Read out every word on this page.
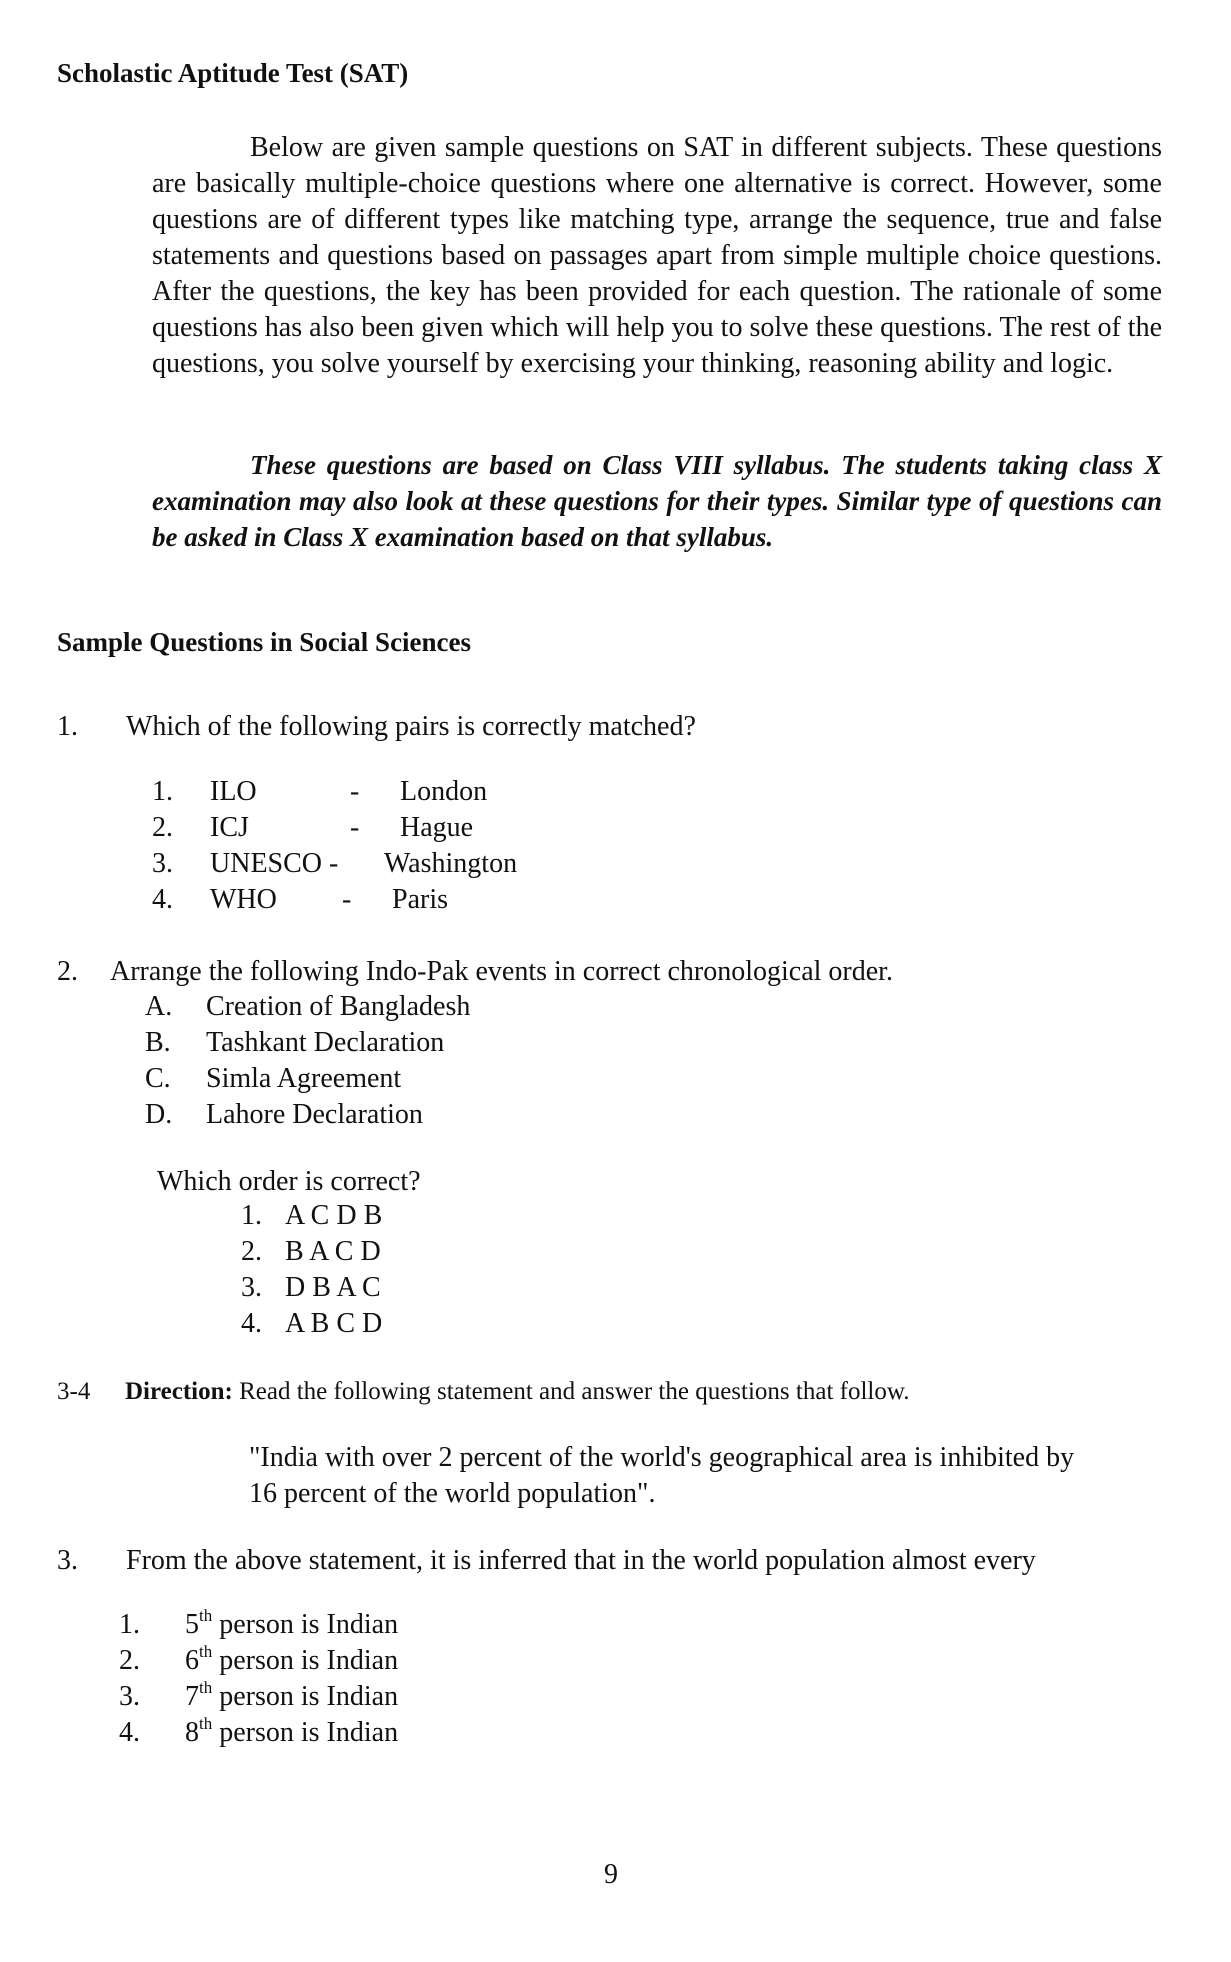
Scholastic Aptitude Test (SAT)
Below are given sample questions on SAT in different subjects. These questions are basically multiple-choice questions where one alternative is correct. However, some questions are of different types like matching type, arrange the sequence, true and false statements and questions based on passages apart from simple multiple choice questions. After the questions, the key has been provided for each question. The rationale of some questions has also been given which will help you to solve these questions. The rest of the questions, you solve yourself by exercising your thinking, reasoning ability and logic.
These questions are based on Class VIII syllabus. The students taking class X examination may also look at these questions for their types. Similar type of questions can be asked in Class X examination based on that syllabus.
Sample Questions in Social Sciences
1. Which of the following pairs is correctly matched?
1. ILO	- London
2. ICJ	- Hague
3. UNESCO - Washington
4. WHO - Paris
2. Arrange the following Indo-Pak events in correct chronological order.
A. Creation of Bangladesh
B. Tashkant Declaration
C. Simla Agreement
D. Lahore Declaration
Which order is correct?
1. A C D B
2. B A C D
3. D B A C
4. A B C D
3-4 Direction: Read the following statement and answer the questions that follow.
"India with over 2 percent of the world's geographical area is inhibited by
16 percent of the world population".
3. From the above statement, it is inferred that in the world population almost every
1. 5th person is Indian
2. 6th person is Indian
3. 7th person is Indian
4. 8th person is Indian
9
